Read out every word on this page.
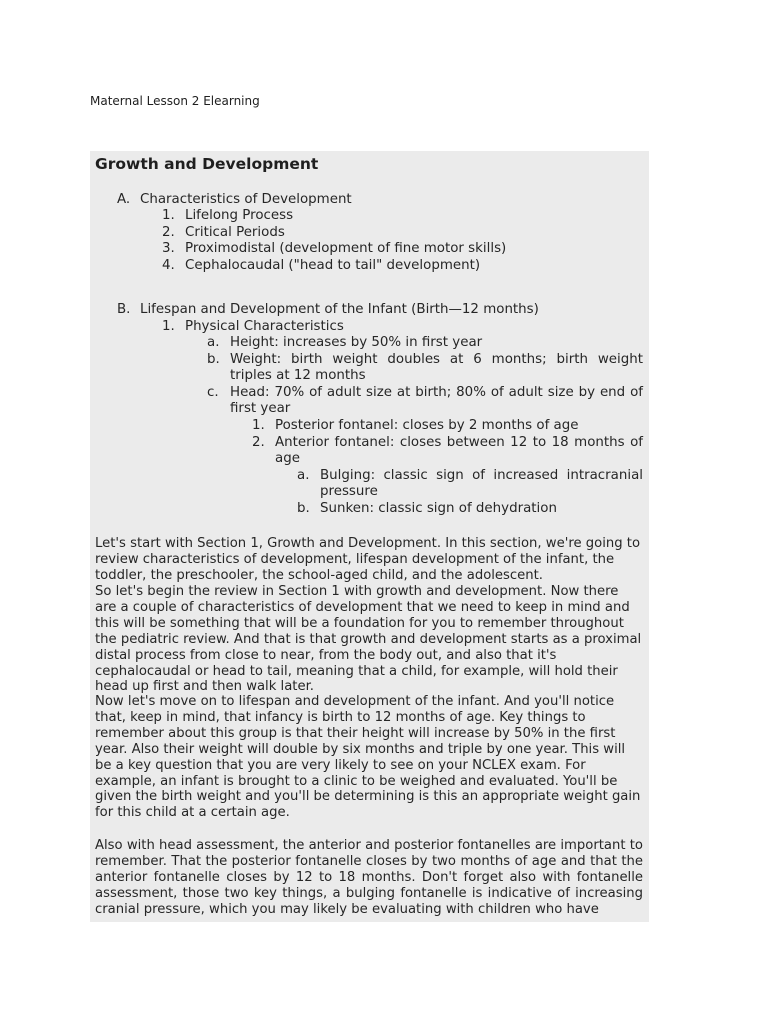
Maternal Lesson 2 Elearning
Growth and Development
A. Characteristics of Development
1. Lifelong Process
2. Critical Periods
3. Proximodistal (development of fine motor skills)
4. Cephalocaudal ("head to tail" development)
B. Lifespan and Development of the Infant (Birth—12 months)
1. Physical Characteristics
a. Height: increases by 50% in first year
b. Weight: birth weight doubles at 6 months; birth weight triples at 12 months
c. Head: 70% of adult size at birth; 80% of adult size by end of first year
1. Posterior fontanel: closes by 2 months of age
2. Anterior fontanel: closes between 12 to 18 months of age
a. Bulging: classic sign of increased intracranial pressure
b. Sunken: classic sign of dehydration

Let's start with Section 1, Growth and Development. In this section, we're going to review characteristics of development, lifespan development of the infant, the toddler, the preschooler, the school-aged child, and the adolescent.

So let's begin the review in Section 1 with growth and development. Now there are a couple of characteristics of development that we need to keep in mind and this will be something that will be a foundation for you to remember throughout the pediatric review. And that is that growth and development starts as a proximal distal process from close to near, from the body out, and also that it's cephalocaudal or head to tail, meaning that a child, for example, will hold their head up first and then walk later.

Now let's move on to lifespan and development of the infant. And you'll notice that, keep in mind, that infancy is birth to 12 months of age. Key things to remember about this group is that their height will increase by 50% in the first year. Also their weight will double by six months and triple by one year. This will be a key question that you are very likely to see on your NCLEX exam. For example, an infant is brought to a clinic to be weighed and evaluated. You'll be given the birth weight and you'll be determining is this an appropriate weight gain for this child at a certain age.

Also with head assessment, the anterior and posterior fontanelles are important to remember. That the posterior fontanelle closes by two months of age and that the anterior fontanelle closes by 12 to 18 months. Don't forget also with fontanelle assessment, those two key things, a bulging fontanelle is indicative of increasing cranial pressure, which you may likely be evaluating with children who have
